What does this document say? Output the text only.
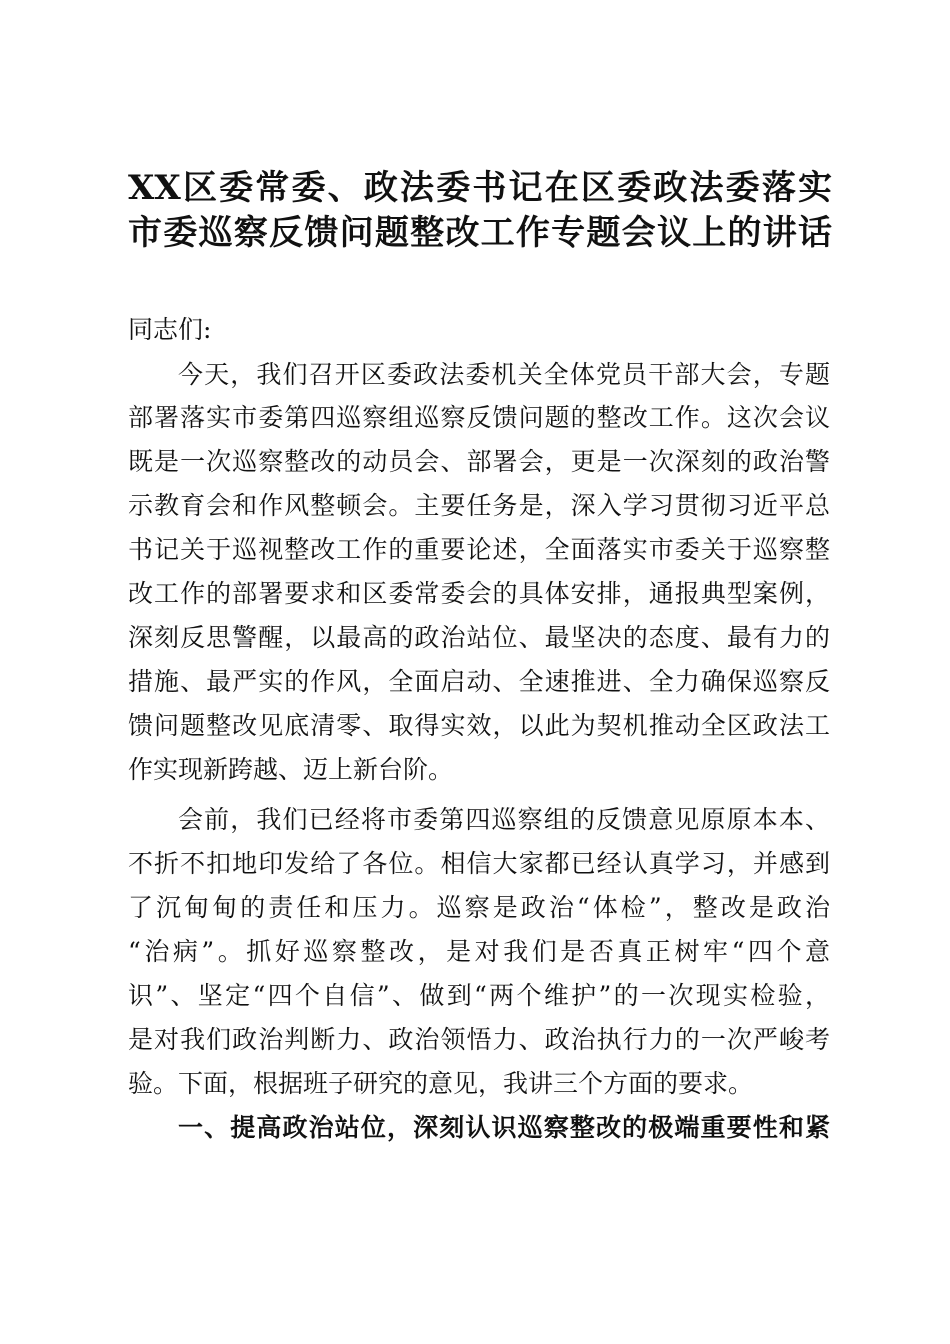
XX区委常委、政法委书记在区委政法委落实
市委巡察反馈问题整改工作专题会议上的讲话
同志们:
今天，我们召开区委政法委机关全体党员干部大会，专题
部署落实市委第四巡察组巡察反馈问题的整改工作。这次会议
既是一次巡察整改的动员会、部署会，更是一次深刻的政治警
示教育会和作风整顿会。主要任务是，深入学习贯彻习近平总
书记关于巡视整改工作的重要论述，全面落实市委关于巡察整
改工作的部署要求和区委常委会的具体安排，通报典型案例，
深刻反思警醒，以最高的政治站位、最坚决的态度、最有力的
措施、最严实的作风，全面启动、全速推进、全力确保巡察反
馈问题整改见底清零、取得实效，以此为契机推动全区政法工
作实现新跨越、迈上新台阶。
会前，我们已经将市委第四巡察组的反馈意见原原本本、
不折不扣地印发给了各位。相信大家都已经认真学习，并感到
了沉甸甸的责任和压力。巡察是政治“体检”，整改是政治
“治病”。抓好巡察整改，是对我们是否真正树牢“四个意
识”、坚定“四个自信”、做到“两个维护”的一次现实检验，
是对我们政治判断力、政治领悟力、政治执行力的一次严峻考
验。下面，根据班子研究的意见，我讲三个方面的要求。
一、提高政治站位，深刻认识巡察整改的极端重要性和紧
